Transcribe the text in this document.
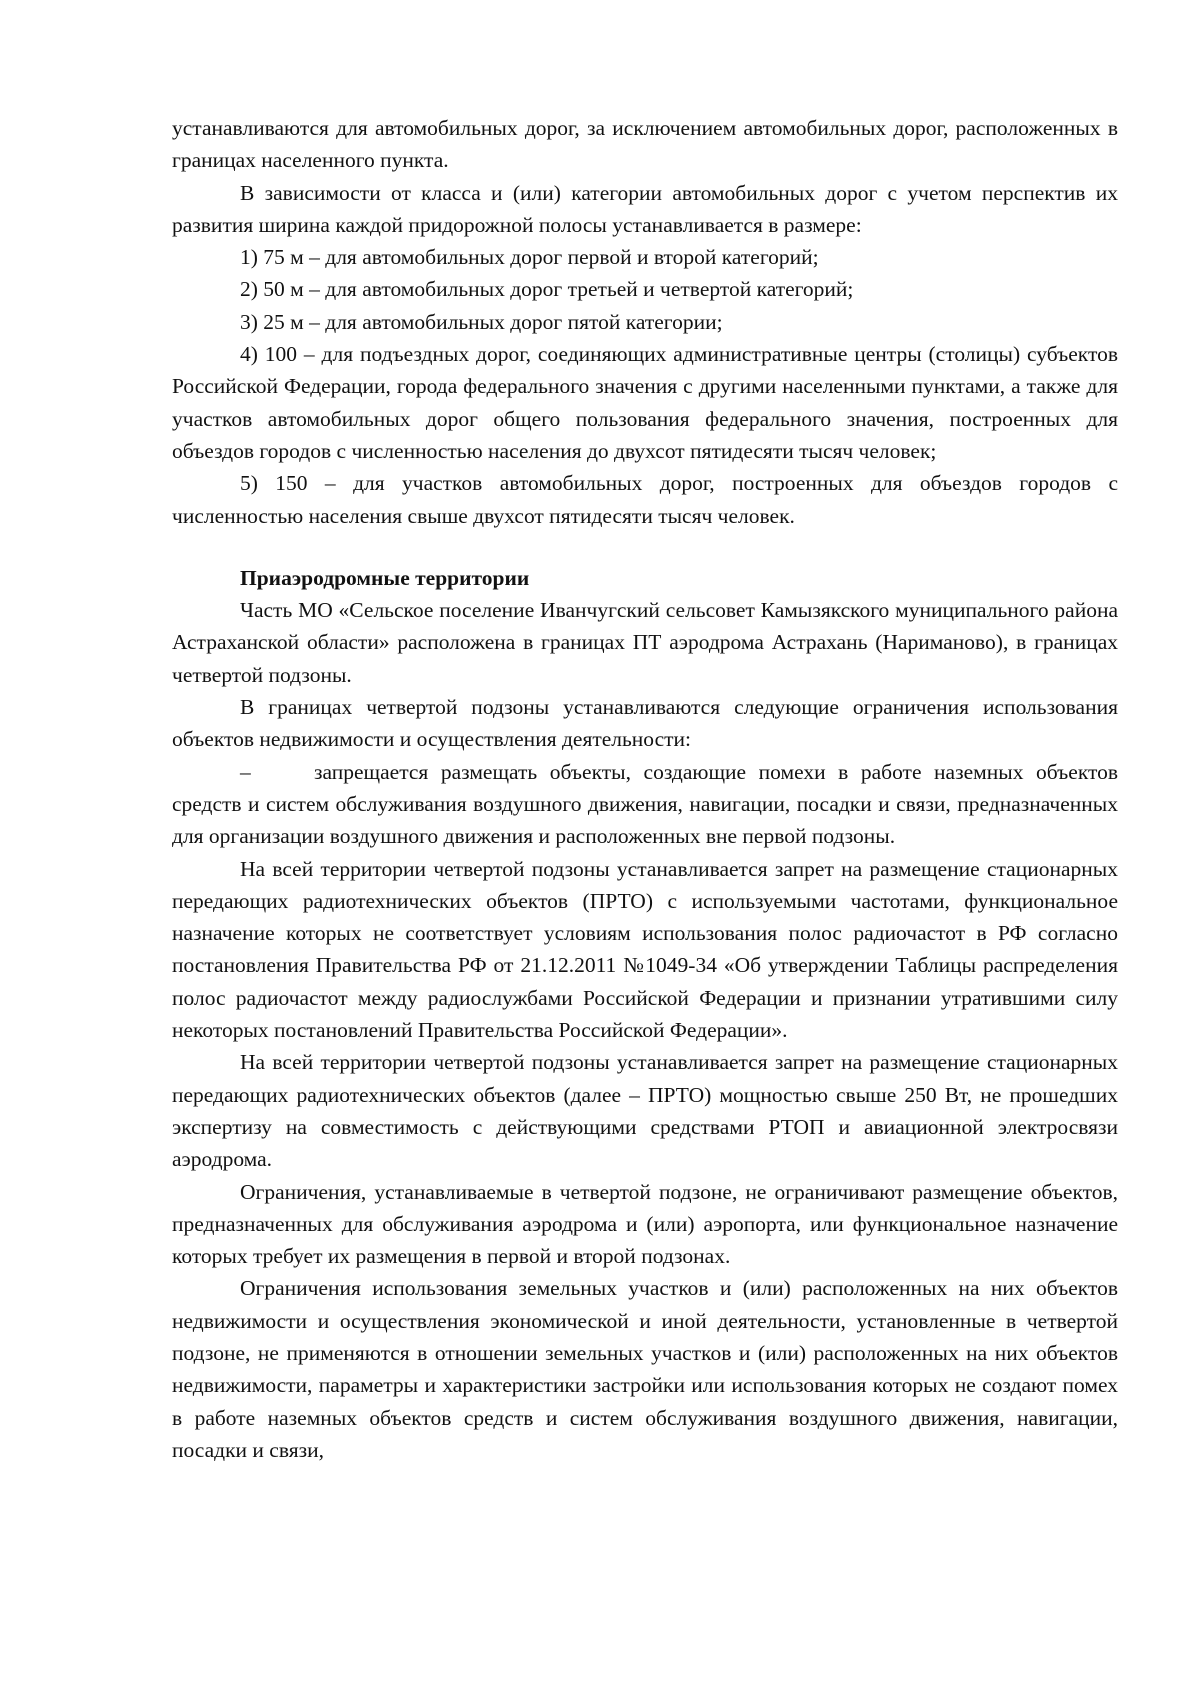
устанавливаются для автомобильных дорог, за исключением автомобильных дорог, расположенных в границах населенного пункта.

В зависимости от класса и (или) категории автомобильных дорог с учетом перспектив их развития ширина каждой придорожной полосы устанавливается в размере:

1) 75 м – для автомобильных дорог первой и второй категорий;

2) 50 м – для автомобильных дорог третьей и четвертой категорий;

3) 25 м – для автомобильных дорог пятой категории;

4) 100 – для подъездных дорог, соединяющих административные центры (столицы) субъектов Российской Федерации, города федерального значения с другими населенными пунктами, а также для участков автомобильных дорог общего пользования федерального значения, построенных для объездов городов с численностью населения до двухсот пятидесяти тысяч человек;

5) 150 – для участков автомобильных дорог, построенных для объездов городов с численностью населения свыше двухсот пятидесяти тысяч человек.

Приаэродромные территории

Часть МО «Сельское поселение Иванчугский сельсовет Камызякского муниципального района Астраханской области» расположена в границах ПТ аэродрома Астрахань (Нариманово), в границах четвертой подзоны.

В границах четвертой подзоны устанавливаются следующие ограничения использования объектов недвижимости и осуществления деятельности:

–	запрещается размещать объекты, создающие помехи в работе наземных объектов средств и систем обслуживания воздушного движения, навигации, посадки и связи, предназначенных для организации воздушного движения и расположенных вне первой подзоны.

На всей территории четвертой подзоны устанавливается запрет на размещение стационарных передающих радиотехнических объектов (ПРТО) с используемыми частотами, функциональное назначение которых не соответствует условиям использования полос радиочастот в РФ согласно постановления Правительства РФ от 21.12.2011 №1049-34 «Об утверждении Таблицы распределения полос радиочастот между радиослужбами Российской Федерации и признании утратившими силу некоторых постановлений Правительства Российской Федерации».

На всей территории четвертой подзоны устанавливается запрет на размещение стационарных передающих радиотехнических объектов (далее – ПРТО) мощностью свыше 250 Вт, не прошедших экспертизу на совместимость с действующими средствами РТОП и авиационной электросвязи аэродрома.

Ограничения, устанавливаемые в четвертой подзоне, не ограничивают размещение объектов, предназначенных для обслуживания аэродрома и (или) аэропорта, или функциональное назначение которых требует их размещения в первой и второй подзонах.

Ограничения использования земельных участков и (или) расположенных на них объектов недвижимости и осуществления экономической и иной деятельности, установленные в четвертой подзоне, не применяются в отношении земельных участков и (или) расположенных на них объектов недвижимости, параметры и характеристики застройки или использования которых не создают помех в работе наземных объектов средств и систем обслуживания воздушного движения, навигации, посадки и связи,
